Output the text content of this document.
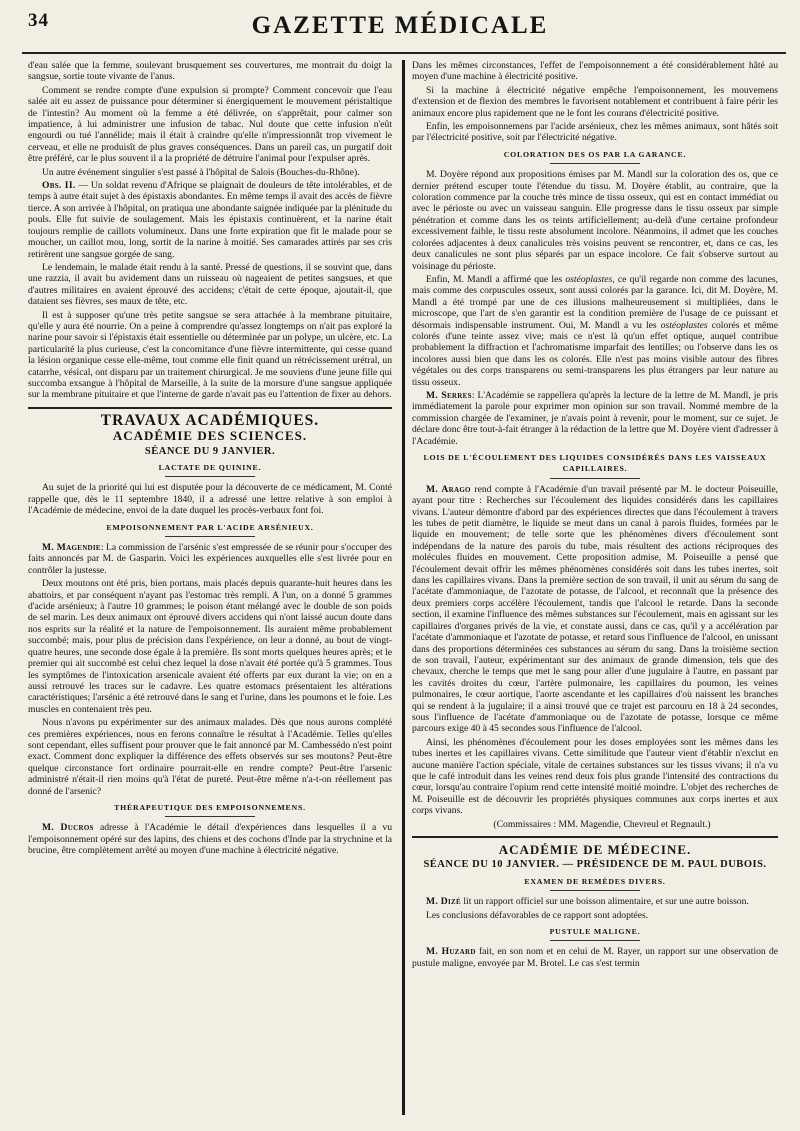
34	GAZETTE MÉDICALE

d'eau salée que la femme, soulevant brusquement ses couvertures, me montrait du doigt la sangsue, sortie toute vivante de l'anus.

Comment se rendre compte d'une expulsion si prompte? Comment concevoir que l'eau salée ait eu assez de puissance pour déterminer si énergiquement le mouvement péristaltique de l'intestin? Au moment où la femme a été délivrée, on s'apprêtait, pour calmer son impatience, à lui administrer une infusion de tabac. Nul doute que cette infusion n'eût engourdi ou tué l'annélide; mais il était à craindre qu'elle n'impressionnât trop vivement le cerveau, et elle ne produisît de plus graves conséquences. Dans un pareil cas, un purgatif doit être préféré, car le plus souvent il a la propriété de détruire l'animal pour l'expulser après.

Un autre événement singulier s'est passé à l'hôpital de Salois (Bouches-du-Rhône).

Obs. II. — Un soldat revenu d'Afrique se plaignait de douleurs de tête intolérables, et de temps à autre était sujet à des épistaxis abondantes. En même temps il avait des accès de fièvre tierce. A son arrivée à l'hôpital, on pratiqua une abondante saignée indiquée par la plénitude du pouls. Elle fut suivie de soulagement. Mais les épistaxis continuèrent, et la narine était toujours remplie de caillots volumineux. Dans une forte expiration que fit le malade pour se moucher, un caillot mou, long, sortit de la narine à moitié. Ses camarades attirés par ses cris retirèrent une sangsue gorgée de sang.

Le lendemain, le malade était rendu à la santé. Pressé de questions, il se souvint que, dans une razzia, il avait bu avidement dans un ruisseau où nageaient de petites sangsues, et que d'autres militaires en avaient éprouvé des accidens; c'était de cette époque, ajoutait-il, que dataient ses fièvres, ses maux de tête, etc.

Il est à supposer qu'une très petite sangsue se sera attachée à la membrane pituitaire, qu'elle y aura été nourrie. On a peine à comprendre qu'assez longtemps on n'ait pas exploré la narine pour savoir si l'épistaxis était essentielle ou déterminée par un polype, un ulcère, etc. La particularité la plus curieuse, c'est la concomitance d'une fièvre intermittente, qui cesse quand la lésion organique cesse elle-même, tout comme elle finit quand un rétrécissement urétral, un catarrhe, vésical, ont disparu par un traitement chirurgical. Je me souviens d'une jeune fille qui succomba exsangue à l'hôpital de Marseille, à la suite de la morsure d'une sangsue appliquée sur la membrane pituitaire et que l'interne de garde n'avait pas eu l'attention de fixer au dehors.

TRAVAUX ACADÉMIQUES.
ACADÉMIE DES SCIENCES.
SÉANCE DU 9 JANVIER.
LACTATE DE QUININE.

Au sujet de la priorité qui lui est disputée pour la découverte de ce médicament, M. Conté rappelle que, dès le 11 septembre 1840, il a adressé une lettre relative à son emploi à l'Académie de médecine, envoi de la date duquel les procès-verbaux font foi.

EMPOISONNEMENT PAR L'ACIDE ARSÉNIEUX.

M. Magendie: La commission de l'arsénic s'est empressée de se réunir pour s'occuper des faits annoncés par M. de Gasparin. Voici les expériences auxquelles elle s'est livrée pour en contrôler la justesse.

Deux moutons ont été pris, bien portans, mais placés depuis quarante-huit heures dans les abattoirs, et par conséquent n'ayant pas l'estomac très rempli. A l'un, on a donné 5 grammes d'acide arsénieux; à l'autre 10 grammes; le poison étant mélangé avec le double de son poids de sel marin. Les deux animaux ont éprouvé divers accidens qui n'ont laissé aucun doute dans nos esprits sur la réalité et la nature de l'empoisonnement. Ils auraient même probablement succombé; mais, pour plus de précision dans l'expérience, on leur a donné, au bout de vingt-quatre heures, une seconde dose égale à la première. Ils sont morts quelques heures après; et le premier qui ait succombé est celui chez lequel la dose n'avait été portée qu'à 5 grammes. Tous les symptômes de l'intoxication arsenicale avaient été offerts par eux durant la vie; on en a aussi retrouvé les traces sur le cadavre. Les quatre estomacs présentaient les altérations caractéristiques; l'arsénic a été retrouvé dans le sang et l'urine, dans les poumons et le foie. Les muscles en contenaient très peu.

Nous n'avons pu expérimenter sur des animaux malades. Dès que nous aurons complété ces premières expériences, nous en ferons connaître le résultat à l'Académie. Telles qu'elles sont cependant, elles suffisent pour prouver que le fait annoncé par M. Cambessédo n'est point exact. Comment donc expliquer la différence des effets observés sur ses moutons? Peut-être quelque circonstance fort ordinaire pourrait-elle en rendre compte? Peut-être l'arsenic administré n'était-il rien moins qu'à l'état de pureté. Peut-être même n'a-t-on réellement pas donné de l'arsenic?

THÉRAPEUTIQUE DES EMPOISONNEMENS.

M. Ducros adresse à l'Académie le détail d'expériences dans lesquelles il a vu l'empoisonnement opéré sur des lapins, des chiens et des cochons d'Inde par la strychnine et la brucine, être complètement arrêté au moyen d'une machine à électricité négative.

Dans les mêmes circonstances, l'effet de l'empoisonnement a été considérablement hâté au moyen d'une machine à électricité positive.

Si la machine à électricité négative empêche l'empoisonnement, les mouvemens d'extension et de flexion des membres le favorisent notablement et contribuent à faire périr les animaux encore plus rapidement que ne le font les courans d'électricité positive.

Enfin, les empoisonnemens par l'acide arsénieux, chez les mêmes animaux, sont hâtés soit par l'électricité positive, soit par l'électricité négative.

COLORATION DES OS PAR LA GARANCE.

M. Doyère répond aux propositions émises par M. Mandl sur la coloration des os, que ce dernier prétend escuper toute l'étendue du tissu. M. Doyère établit, au contraire, que la coloration commence par la couche très mince de tissu osseux, qui est en contact immédiat ou avec le périoste ou avec un vaisseau sanguin. Elle progresse dans le tissu osseux par simple pénétration et comme dans les os teints artificiellement; au-delà d'une certaine profondeur excessivement faible, le tissu reste absolument incolore. Néanmoins, il admet que les couches colorées adjacentes à deux canalicules très voisins peuvent se rencontrer, et, dans ce cas, les deux canalicules ne sont plus séparés par un espace incolore. Ce fait s'observe surtout au voisinage du périoste.

Enfin, M. Mandl a affirmé que les ostéoplastes, ce qu'il regarde non comme des lacunes, mais comme des corpuscules osseux, sont aussi colorés par la garance. Ici, dit M. Doyère, M. Mandl a été trompé par une de ces illusions malheureusement si multipliées, dans le microscope, que l'art de s'en garantir est la condition première de l'usage de ce puissant et désormais indispensable instrument. Oui, M. Mandl a vu les ostéoplastes colorés et même colorés d'une teinte assez vive; mais ce n'est là qu'un effet optique, auquel contribue probablement la diffraction et l'achromatisme imparfait des lentilles; ou l'observe dans les os incolores aussi bien que dans les os colorés. Elle n'est pas moins visible autour des fibres végétales ou des corps transparens ou semi-transparens les plus étrangers par leur nature au tissu osseux.

M. Serres: L'Académie se rappellera qu'après la lecture de la lettre de M. Mandl, je pris immédiatement la parole pour exprimer mon opinion sur son travail. Nommé membre de la commission chargée de l'examiner, je n'avais point à revenir, pour le moment, sur ce sujet. Je déclare donc être tout-à-fait étranger à la rédaction de la lettre que M. Doyère vient d'adresser à l'Académie.

LOIS DE L'ÉCOULEMENT DES LIQUIDES CONSIDÉRÉS DANS LES VAISSEAUX CAPILLAIRES.

M. Arago rend compte à l'Académie d'un travail présenté par M. le docteur Poiseuille, ayant pour titre : Recherches sur l'écoulement des liquides considérés dans les capillaires vivans. L'auteur démontre d'abord par des expériences directes que dans l'écoulement à travers les tubes de petit diamètre, le liquide se meut dans un canal à parois fluides, formées par le liquide en mouvement; de telle sorte que les phénomènes divers d'écoulement sont indépendans de la nature des parois du tube, mais résultent des actions réciproques des molécules fluides en mouvement. Cette proposition admise, M. Poiseuille a pensé que l'écoulement devait offrir les mêmes phénomènes considérés soit dans les tubes inertes, soit dans les capillaires vivans. Dans la première section de son travail, il unit au sérum du sang de l'acétate d'ammoniaque, de l'azotate de potasse, de l'alcool, et reconnaît que la présence des deux premiers corps accélère l'écoulement, tandis que l'alcool le retarde. Dans la seconde section, il examine l'influence des mêmes substances sur l'écoulement, mais en agissant sur les capillaires d'organes privés de la vie, et constate aussi, dans ce cas, qu'il y a accélération par l'acétate d'ammoniaque et l'azotate de potasse, et retard sous l'influence de l'alcool, en unissant dans des proportions déterminées ces substances au sérum du sang. Dans la troisième section de son travail, l'auteur, expérimentant sur des animaux de grande dimension, tels que des chevaux, cherche le temps que met le sang pour aller d'une jugulaire à l'autre, en passant par les cavités droites du cœur, l'artère pulmonaire, les capillaires du poumon, les veines pulmonaires, le cœur aortique, l'aorte ascendante et les capillaires d'où naissent les branches qui se rendent à la jugulaire; il a ainsi trouvé que ce trajet est parcouru en 18 à 24 secondes, sous l'influence de l'acétate d'ammoniaque ou de l'azotate de potasse, lorsque ce même parcours exige 40 à 45 secondes sous l'influence de l'alcool.

Ainsi, les phénomènes d'écoulement pour les doses employées sont les mêmes dans les tubes inertes et les capillaires vivans. Cette similitude que l'auteur vient d'établir n'exclut en aucune manière l'action spéciale, vitale de certaines substances sur les tissus vivans; il n'a vu que le café introduit dans les veines rend deux fois plus grande l'intensité des contractions du cœur, lorsqu'au contraire l'opium rend cette intensité moitié moindre. L'objet des recherches de M. Poiseuille est de découvrir les propriétés physiques communes aux corps inertes et aux corps vivans.

(Commissaires : MM. Magendie, Chevreul et Regnault.)

ACADÉMIE DE MÉDECINE.
SÉANCE DU 10 JANVIER. — PRÉSIDENCE DE M. PAUL DUBOIS.
EXAMEN DE REMÈDES DIVERS.

M. Dizé lit un rapport officiel sur une boisson alimentaire, et sur une autre boisson.

Les conclusions défavorables de ce rapport sont adoptées.

PUSTULE MALIGNE.

M. Huzard fait, en son nom et en celui de M. Rayer, un rapport sur une observation de pustule maligne, envoyée par M. Brotel. Le cas s'est termin
